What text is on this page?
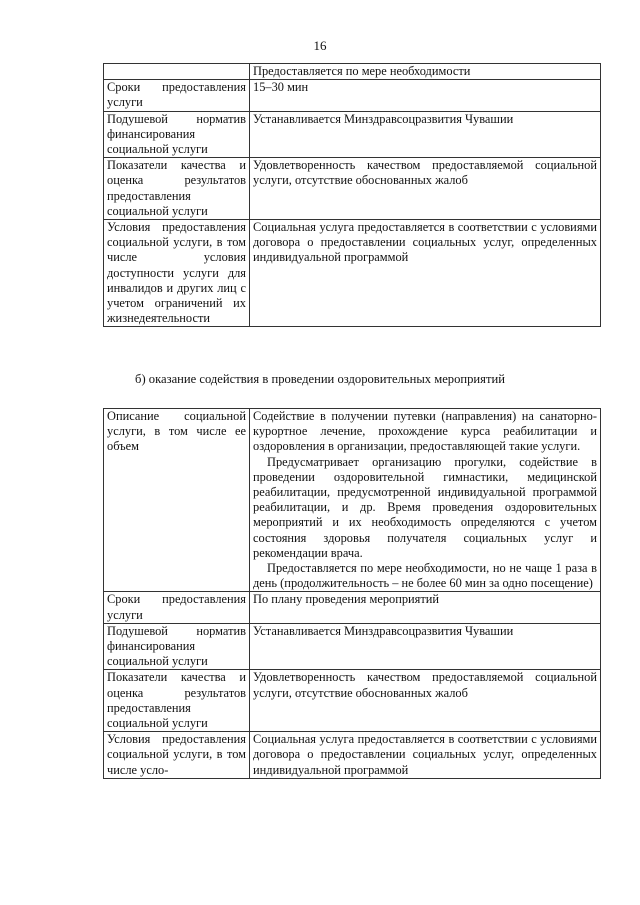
16

	Предоставляется по мере необходимости

Сроки предоставления услуги	15–30 мин

Подушевой норматив финансирования социальной услуги	Устанавливается Минздравсоцразвития Чувашии

Показатели качества и оценка результатов предоставления социальной услуги	Удовлетворенность качеством предоставляемой социальной услуги, отсутствие обоснованных жалоб

Условия предоставления социальной услуги, в том числе условия доступности услуги для инвалидов и других лиц с учетом ограничений их жизнедеятельности	Социальная услуга предоставляется в соответствии с условиями договора о предоставлении социальных услуг, определенных индивидуальной программой

б) оказание содействия в проведении оздоровительных мероприятий
Описание социальной услуги, в том числе ее объем	Содействие в получении путевки (направления) на санаторно-курортное лечение, прохождение курса реабилитации и оздоровления в организации, предоставляющей такие услуги.

Предусматривает организацию прогулки, содействие в проведении оздоровительной гимнастики, медицинской реабилитации, предусмотренной индивидуальной программой реабилитации, и др. Время проведения оздоровительных мероприятий и их необходимость определяются с учетом состояния здоровья получателя социальных услуг и рекомендации врача.

Предоставляется по мере необходимости, но не чаще 1 раза в день (продолжительность – не более 60 мин за одно посещение)

Сроки предоставления услуги	По плану проведения мероприятий

Подушевой норматив финансирования социальной услуги	Устанавливается Минздравсоцразвития Чувашии

Показатели качества и оценка результатов предоставления социальной услуги	Удовлетворенность качеством предоставляемой социальной услуги, отсутствие обоснованных жалоб

Условия предоставления социальной услуги, в том числе усло-	Социальная услуга предоставляется в соответствии с условиями договора о предоставлении социальных услуг, определенных индивидуальной программой
